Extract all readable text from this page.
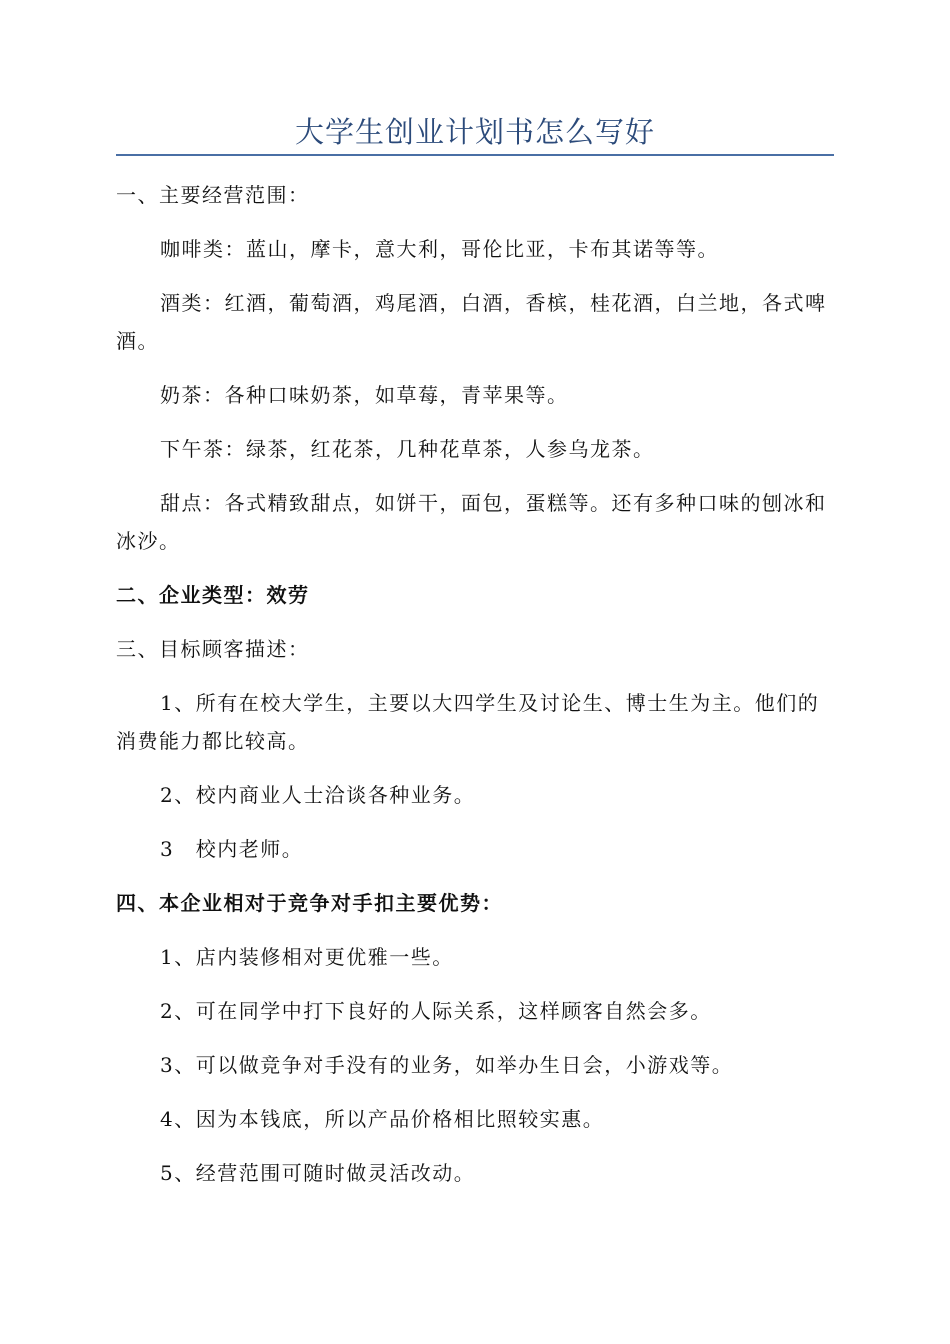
大学生创业计划书怎么写好
一、主要经营范围：
咖啡类：蓝山，摩卡，意大利，哥伦比亚，卡布其诺等等。
酒类：红酒，葡萄酒，鸡尾酒，白酒，香槟，桂花酒，白兰地，各式啤酒。
奶茶：各种口味奶茶，如草莓，青苹果等。
下午茶：绿茶，红花茶，几种花草茶，人参乌龙茶。
甜点：各式精致甜点，如饼干，面包，蛋糕等。还有多种口味的刨冰和冰沙。
二、企业类型：效劳
三、目标顾客描述：
1、所有在校大学生，主要以大四学生及讨论生、博士生为主。他们的消费能力都比较高。
2、校内商业人士洽谈各种业务。
3　校内老师。
四、本企业相对于竞争对手扣主要优势：
1、店内装修相对更优雅一些。
2、可在同学中打下良好的人际关系，这样顾客自然会多。
3、可以做竞争对手没有的业务，如举办生日会，小游戏等。
4、因为本钱底，所以产品价格相比照较实惠。
5、经营范围可随时做灵活改动。
